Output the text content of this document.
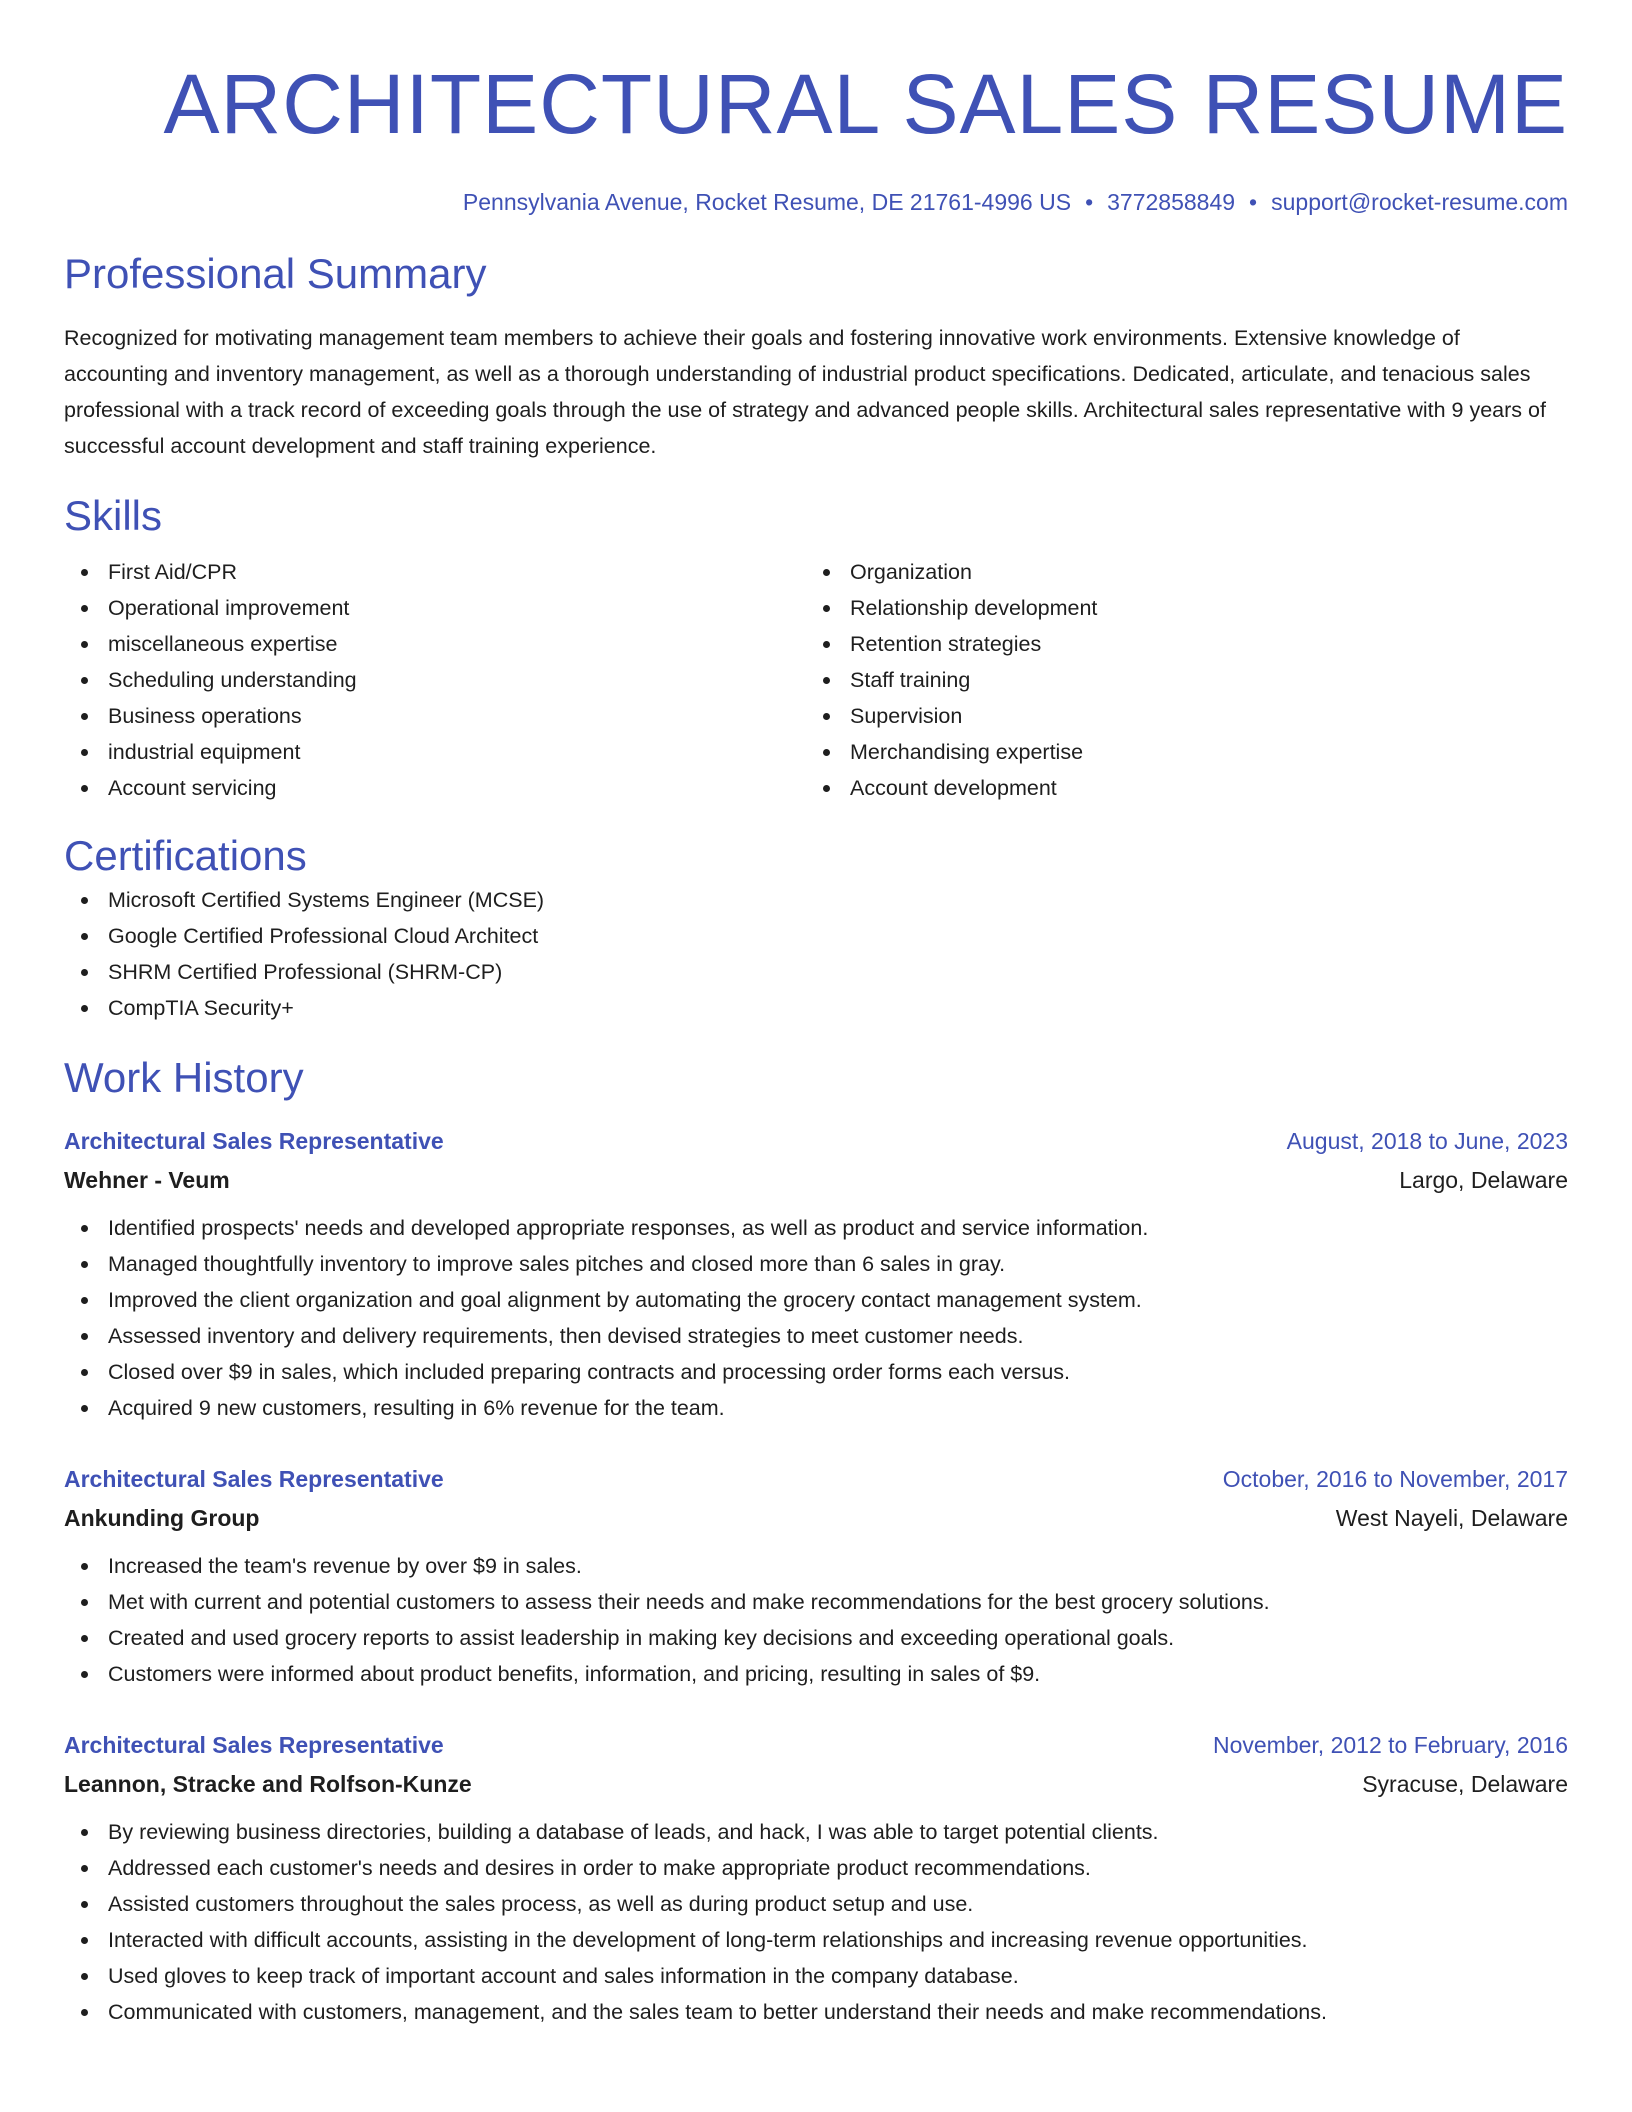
ARCHITECTURAL SALES RESUME
Pennsylvania Avenue, Rocket Resume, DE 21761-4996 US • 3772858849 • support@rocket-resume.com
Professional Summary
Recognized for motivating management team members to achieve their goals and fostering innovative work environments. Extensive knowledge of accounting and inventory management, as well as a thorough understanding of industrial product specifications. Dedicated, articulate, and tenacious sales professional with a track record of exceeding goals through the use of strategy and advanced people skills. Architectural sales representative with 9 years of successful account development and staff training experience.
Skills
First Aid/CPR
Operational improvement
miscellaneous expertise
Scheduling understanding
Business operations
industrial equipment
Account servicing
Organization
Relationship development
Retention strategies
Staff training
Supervision
Merchandising expertise
Account development
Certifications
Microsoft Certified Systems Engineer (MCSE)
Google Certified Professional Cloud Architect
SHRM Certified Professional (SHRM-CP)
CompTIA Security+
Work History
Architectural Sales Representative	August, 2018 to June, 2023
Wehner - Veum	Largo, Delaware
Identified prospects' needs and developed appropriate responses, as well as product and service information.
Managed thoughtfully inventory to improve sales pitches and closed more than 6 sales in gray.
Improved the client organization and goal alignment by automating the grocery contact management system.
Assessed inventory and delivery requirements, then devised strategies to meet customer needs.
Closed over $9 in sales, which included preparing contracts and processing order forms each versus.
Acquired 9 new customers, resulting in 6% revenue for the team.
Architectural Sales Representative	October, 2016 to November, 2017
Ankunding Group	West Nayeli, Delaware
Increased the team's revenue by over $9 in sales.
Met with current and potential customers to assess their needs and make recommendations for the best grocery solutions.
Created and used grocery reports to assist leadership in making key decisions and exceeding operational goals.
Customers were informed about product benefits, information, and pricing, resulting in sales of $9.
Architectural Sales Representative	November, 2012 to February, 2016
Leannon, Stracke and Rolfson-Kunze	Syracuse, Delaware
By reviewing business directories, building a database of leads, and hack, I was able to target potential clients.
Addressed each customer's needs and desires in order to make appropriate product recommendations.
Assisted customers throughout the sales process, as well as during product setup and use.
Interacted with difficult accounts, assisting in the development of long-term relationships and increasing revenue opportunities.
Used gloves to keep track of important account and sales information in the company database.
Communicated with customers, management, and the sales team to better understand their needs and make recommendations.
